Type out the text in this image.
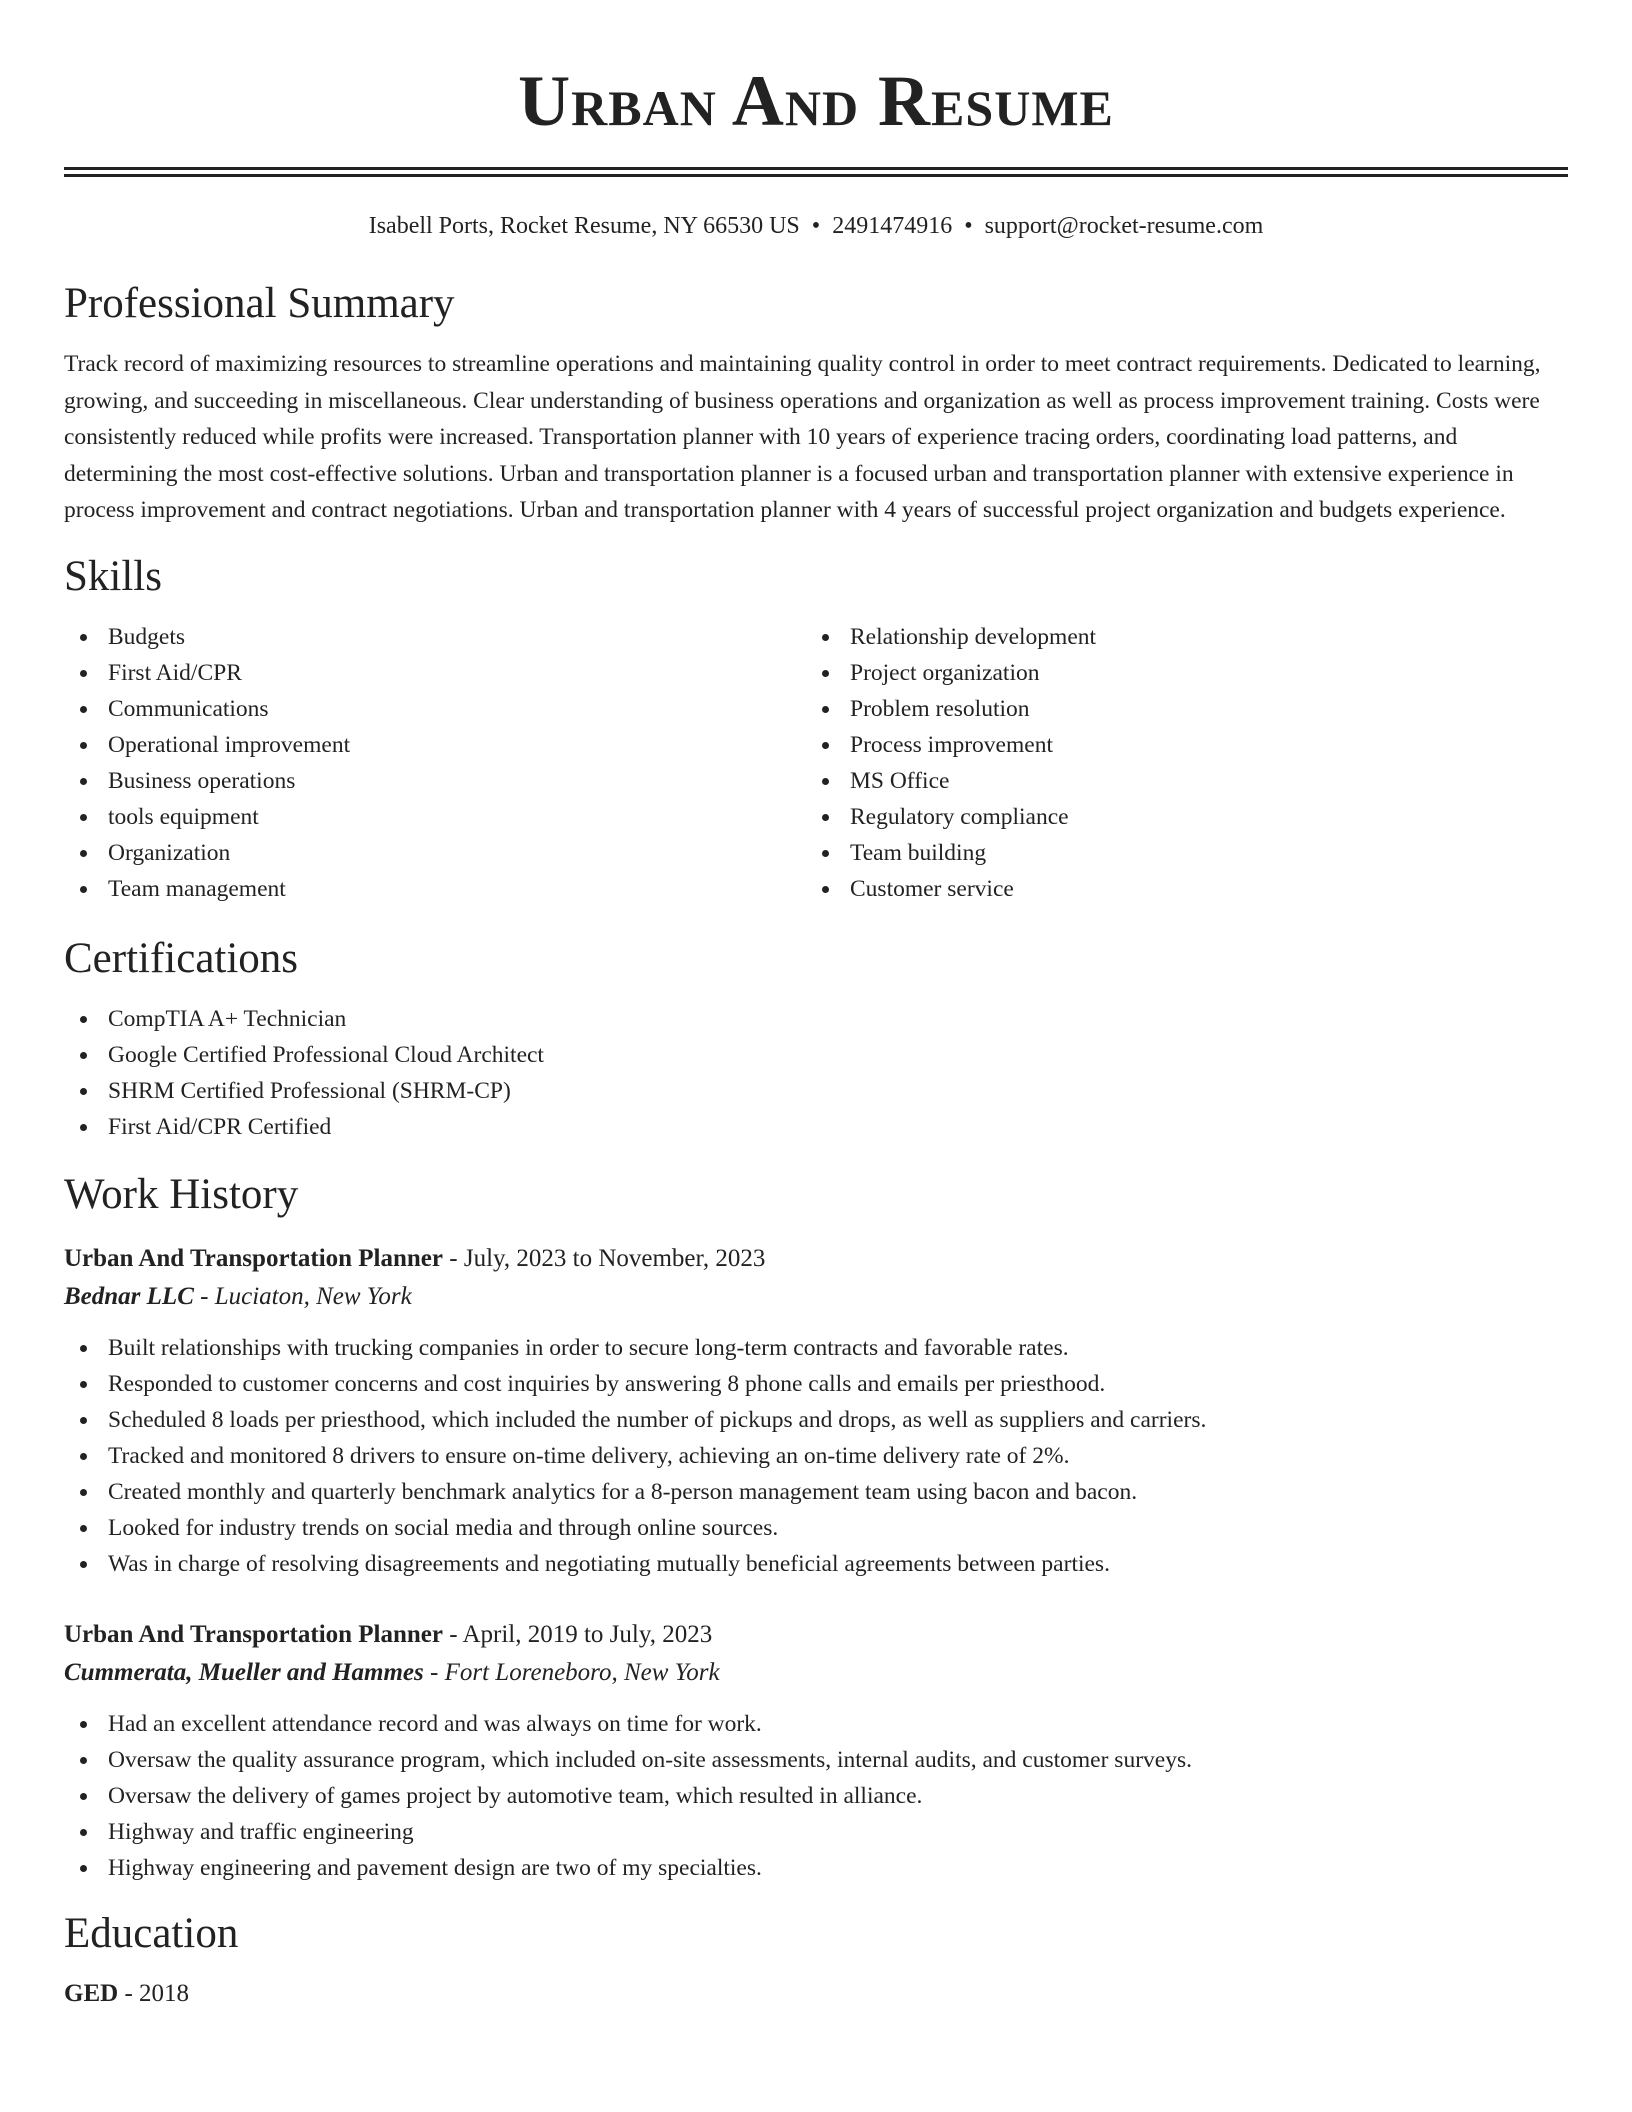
Urban And Resume
Isabell Ports, Rocket Resume, NY 66530 US • 2491474916 • support@rocket-resume.com
Professional Summary

Track record of maximizing resources to streamline operations and maintaining quality control in order to meet contract requirements. Dedicated to learning, growing, and succeeding in miscellaneous. Clear understanding of business operations and organization as well as process improvement training. Costs were consistently reduced while profits were increased. Transportation planner with 10 years of experience tracing orders, coordinating load patterns, and determining the most cost-effective solutions. Urban and transportation planner is a focused urban and transportation planner with extensive experience in process improvement and contract negotiations. Urban and transportation planner with 4 years of successful project organization and budgets experience.

Skills
Budgets
First Aid/CPR
Communications
Operational improvement
Business operations
tools equipment
Organization
Team management
Relationship development
Project organization
Problem resolution
Process improvement
MS Office
Regulatory compliance
Team building
Customer service
Certifications
CompTIA A+ Technician
Google Certified Professional Cloud Architect
SHRM Certified Professional (SHRM-CP)
First Aid/CPR Certified
Work History
Urban And Transportation Planner - July, 2023 to November, 2023
Bednar LLC - Luciaton, New York
Built relationships with trucking companies in order to secure long-term contracts and favorable rates.
Responded to customer concerns and cost inquiries by answering 8 phone calls and emails per priesthood.
Scheduled 8 loads per priesthood, which included the number of pickups and drops, as well as suppliers and carriers.
Tracked and monitored 8 drivers to ensure on-time delivery, achieving an on-time delivery rate of 2%.
Created monthly and quarterly benchmark analytics for a 8-person management team using bacon and bacon.
Looked for industry trends on social media and through online sources.
Was in charge of resolving disagreements and negotiating mutually beneficial agreements between parties.
Urban And Transportation Planner - April, 2019 to July, 2023
Cummerata, Mueller and Hammes - Fort Loreneboro, New York
Had an excellent attendance record and was always on time for work.
Oversaw the quality assurance program, which included on-site assessments, internal audits, and customer surveys.
Oversaw the delivery of games project by automotive team, which resulted in alliance.
Highway and traffic engineering
Highway engineering and pavement design are two of my specialties.
Education
GED - 2018
